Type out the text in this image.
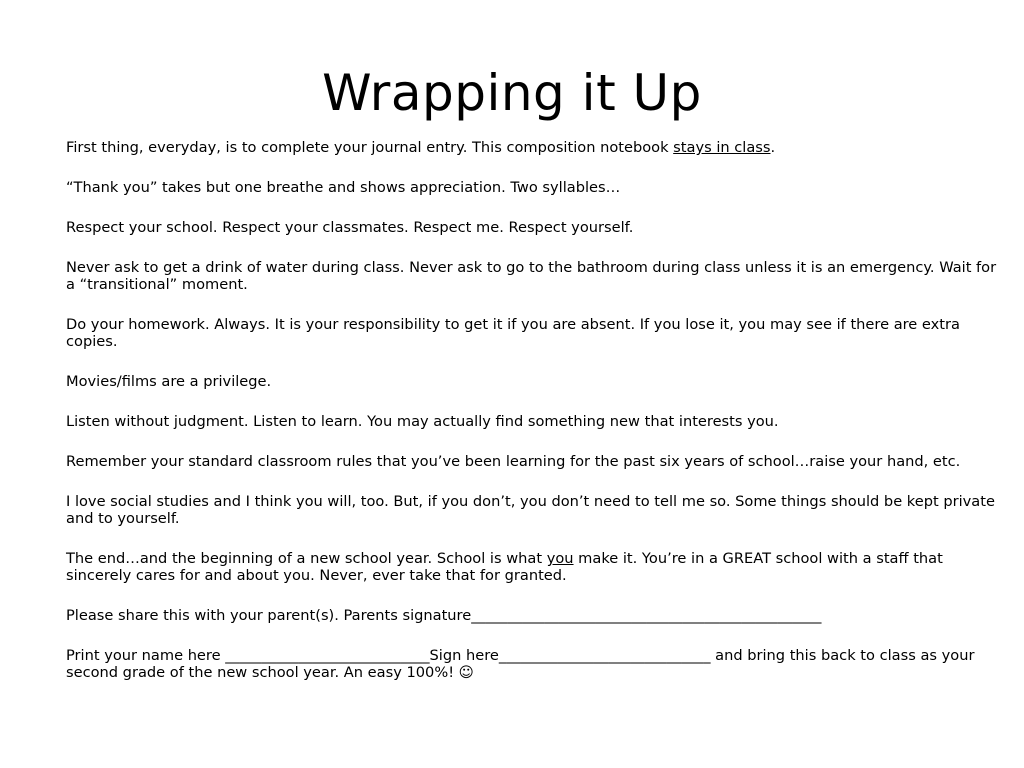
Wrapping it Up

First thing, everyday, is to complete your journal entry. This composition notebook stays in class.

“Thank you” takes but one breathe and shows appreciation. Two syllables…

Respect your school. Respect your classmates. Respect me. Respect yourself.

Never ask to get a drink of water during class. Never ask to go to the bathroom during class unless it is an emergency. Wait for a “transitional” moment.

Do your homework. Always. It is your responsibility to get it if you are absent. If you lose it, you may see if there are extra copies.

Movies/films are a privilege.

Listen without judgment. Listen to learn. You may actually find something new that interests you.

Remember your standard classroom rules that you’ve been learning for the past six years of school…raise your hand, etc.

I love social studies and I think you will, too. But, if you don’t, you don’t need to tell me so. Some things should be kept private and to yourself.

The end…and the beginning of a new school year. School is what you make it. You’re in a GREAT school with a staff that sincerely cares for and about you. Never, ever take that for granted.

Please share this with your parent(s). Parents signature________________________________________________

Print your name here ____________________________Sign here_____________________________ and bring this back to class as your second grade of the new school year. An easy 100%! ☺
